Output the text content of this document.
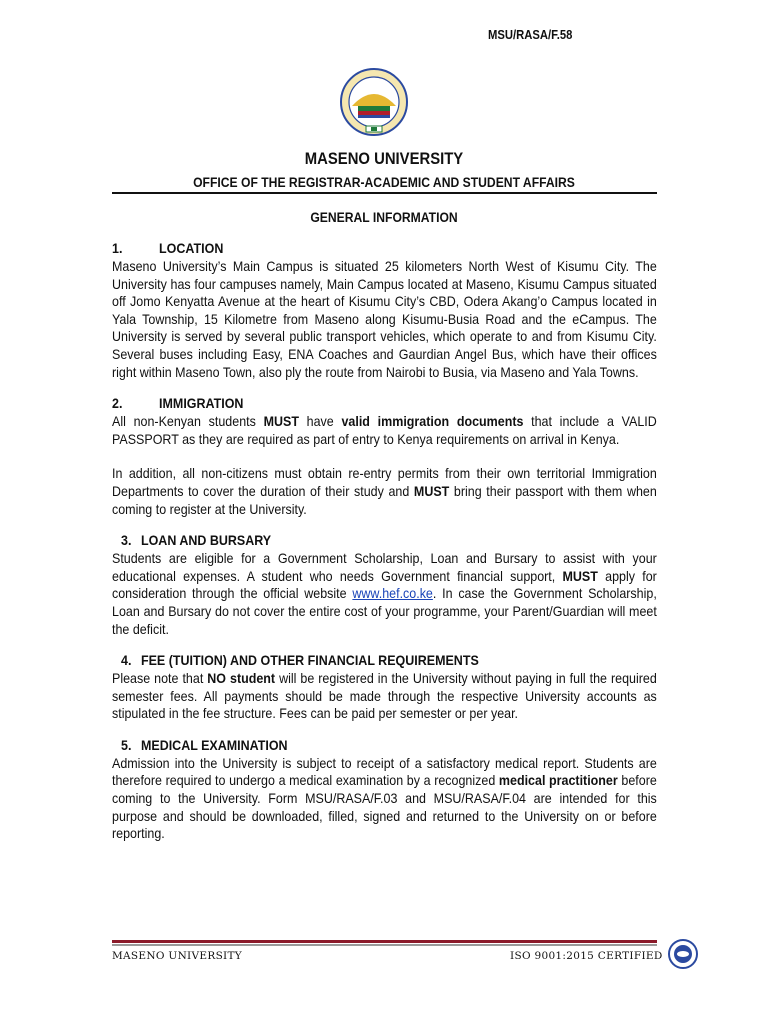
MSU/RASA/F.58
MASENO UNIVERSITY
OFFICE OF THE REGISTRAR-ACADEMIC AND STUDENT AFFAIRS
GENERAL INFORMATION
1.	LOCATION
Maseno University’s Main Campus is situated 25 kilometers North West of Kisumu City. The University has four campuses namely, Main Campus located at Maseno, Kisumu Campus situated off Jomo Kenyatta Avenue at the heart of Kisumu City’s CBD, Odera Akang’o Campus located in Yala Township, 15 Kilometre from Maseno along Kisumu-Busia Road and the eCampus. The University is served by several public transport vehicles, which operate to and from Kisumu City. Several buses including Easy, ENA Coaches and Gaurdian Angel Bus, which have their offices right within Maseno Town, also ply the route from Nairobi to Busia, via Maseno and Yala Towns.
2.	IMMIGRATION
All non-Kenyan students MUST have valid immigration documents that include a VALID PASSPORT as they are required as part of entry to Kenya requirements on arrival in Kenya.
In addition, all non-citizens must obtain re-entry permits from their own territorial Immigration Departments to cover the duration of their study and MUST bring their passport with them when coming to register at the University.
3. LOAN AND BURSARY
Students are eligible for a Government Scholarship, Loan and Bursary to assist with your educational expenses. A student who needs Government financial support, MUST apply for consideration through the official website www.hef.co.ke. In case the Government Scholarship, Loan and Bursary do not cover the entire cost of your programme, your Parent/Guardian will meet the deficit.
4. FEE (TUITION) AND OTHER FINANCIAL REQUIREMENTS
Please note that NO student will be registered in the University without paying in full the required semester fees. All payments should be made through the respective University accounts as stipulated in the fee structure. Fees can be paid per semester or per year.
5. MEDICAL EXAMINATION
Admission into the University is subject to receipt of a satisfactory medical report. Students are therefore required to undergo a medical examination by a recognized medical practitioner before coming to the University. Form MSU/RASA/F.03 and MSU/RASA/F.04 are intended for this purpose and should be downloaded, filled, signed and returned to the University on or before reporting.
MASENO UNIVERSITY	ISO 9001:2015 CERTIFIED
